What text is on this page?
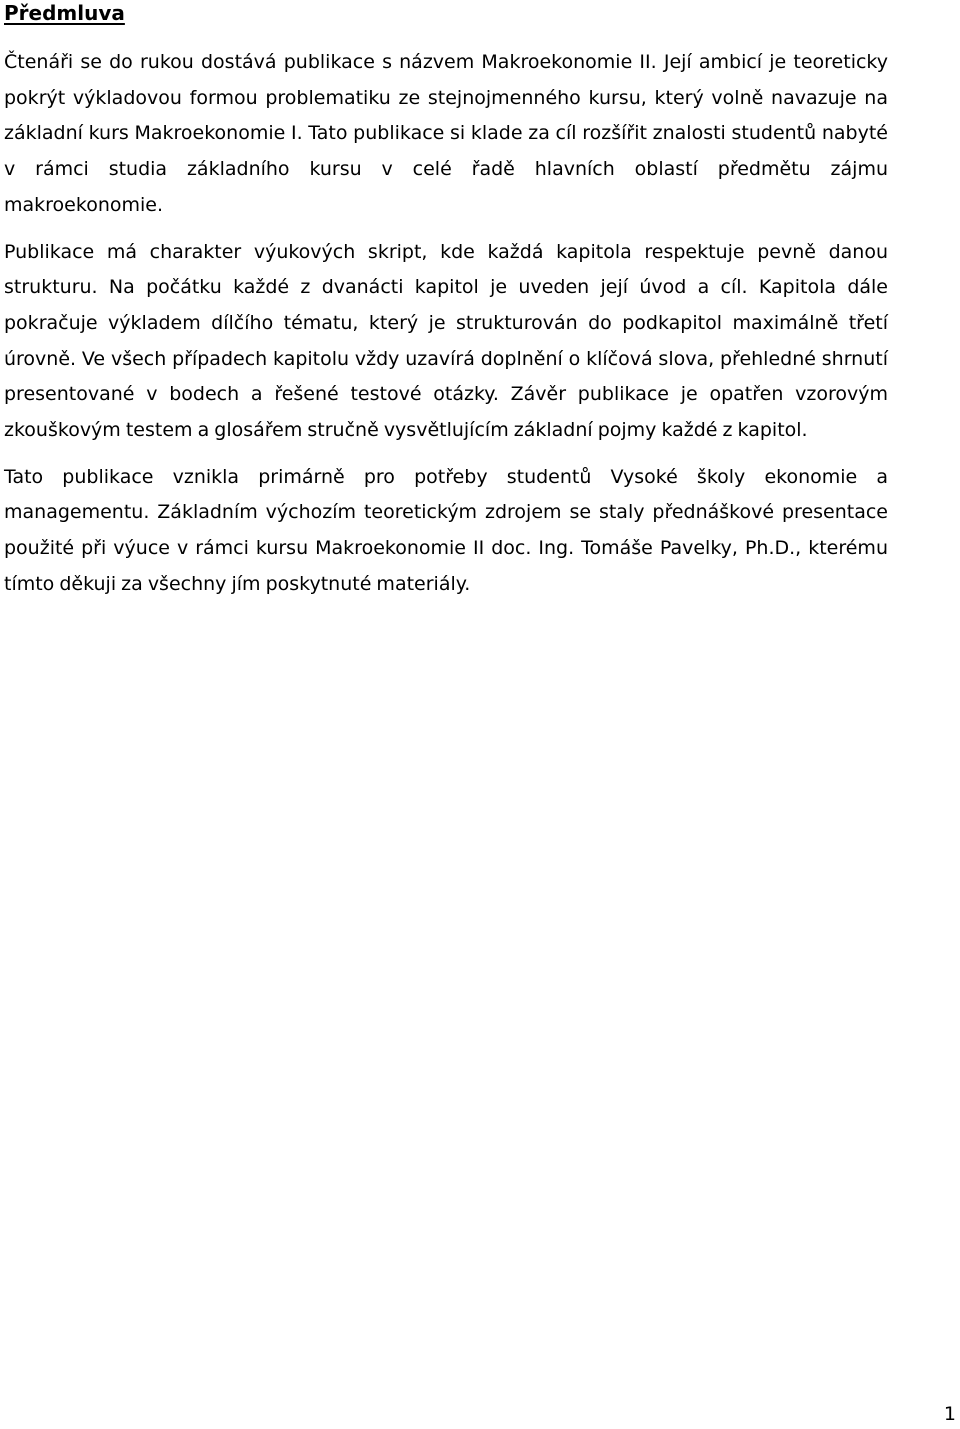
Předmluva

Čtenáři se do rukou dostává publikace s názvem Makroekonomie II. Její ambicí je teoreticky pokrýt výkladovou formou problematiku ze stejnojmenného kursu, který volně navazuje na základní kurs Makroekonomie I. Tato publikace si klade za cíl rozšířit znalosti studentů nabyté v rámci studia základního kursu v celé řadě hlavních oblastí předmětu zájmu makroekonomie.

Publikace má charakter výukových skript, kde každá kapitola respektuje pevně danou strukturu. Na počátku každé z dvanácti kapitol je uveden její úvod a cíl. Kapitola dále pokračuje výkladem dílčího tématu, který je strukturován do podkapitol maximálně třetí úrovně. Ve všech případech kapitolu vždy uzavírá doplnění o klíčová slova, přehledné shrnutí presentované v bodech a řešené testové otázky. Závěr publikace je opatřen vzorovým zkouškovým testem a glosářem stručně vysvětlujícím základní pojmy každé z kapitol.

Tato publikace vznikla primárně pro potřeby studentů Vysoké školy ekonomie a managementu. Základním výchozím teoretickým zdrojem se staly přednáškové presentace použité při výuce v rámci kursu Makroekonomie II doc. Ing. Tomáše Pavelky, Ph.D., kterému tímto děkuji za všechny jím poskytnuté materiály.

1
